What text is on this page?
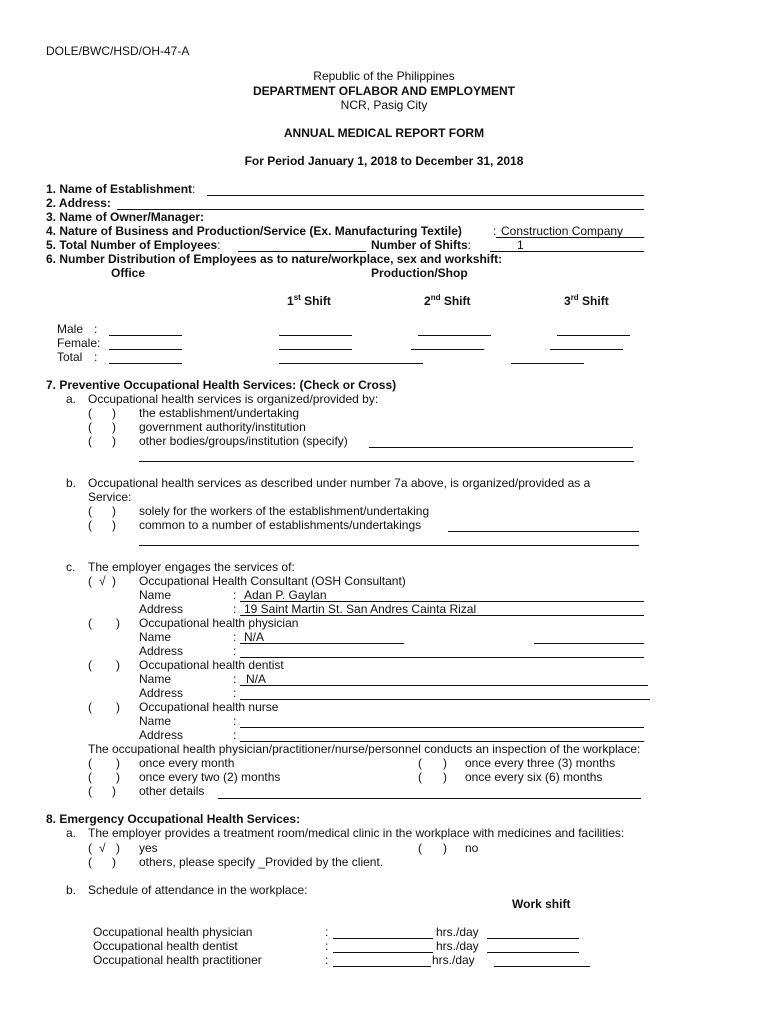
DOLE/BWC/HSD/OH-47-A
Republic of the Philippines
DEPARTMENT OFLABOR AND EMPLOYMENT
NCR, Pasig City
ANNUAL MEDICAL REPORT FORM
For Period January 1, 2018 to December 31, 2018
1. Name of Establishment:
2. Address:
3. Name of Owner/Manager:
4. Nature of Business and Production/Service (Ex. Manufacturing Textile)	: Construction Company
5. Total Number of Employees:	Number of Shifts:	1
6. Number Distribution of Employees as to nature/workplace, sex and workshift:
Office	Production/Shop
1st Shift	2nd Shift	3rd Shift
Male :
Female:
Total :
7. Preventive Occupational Health Services: (Check or Cross)
a. Occupational health services is organized/provided by:
( ) the establishment/undertaking
( ) government authority/institution
( ) other bodies/groups/institution (specify)
b. Occupational health services as described under number 7a above, is organized/provided as a
Service:
( ) solely for the workers of the establishment/undertaking
( ) common to a number of establishments/undertakings
c. The employer engages the services of:
( √ ) Occupational Health Consultant (OSH Consultant)
Name	: Adan P. Gaylan
Address	: 19 Saint Martin St. San Andres Cainta Rizal
( ) Occupational health physician
Name	: N/A
Address	:
( ) Occupational health dentist
Name	: N/A
Address	:
( ) Occupational health nurse
Name	:
Address	:
The occupational health physician/practitioner/nurse/personnel conducts an inspection of the workplace:
( ) once every month	( ) once every three (3) months
( ) once every two (2) months	( ) once every six (6) months
( ) other details
8. Emergency Occupational Health Services:
a. The employer provides a treatment room/medical clinic in the workplace with medicines and facilities:
( √ ) yes	( ) no
( ) others, please specify _Provided by the client.
b. Schedule of attendance in the workplace:
Work shift
Occupational health physician	:	hrs./day
Occupational health dentist	:	hrs./day
Occupational health practitioner	:	hrs./day
